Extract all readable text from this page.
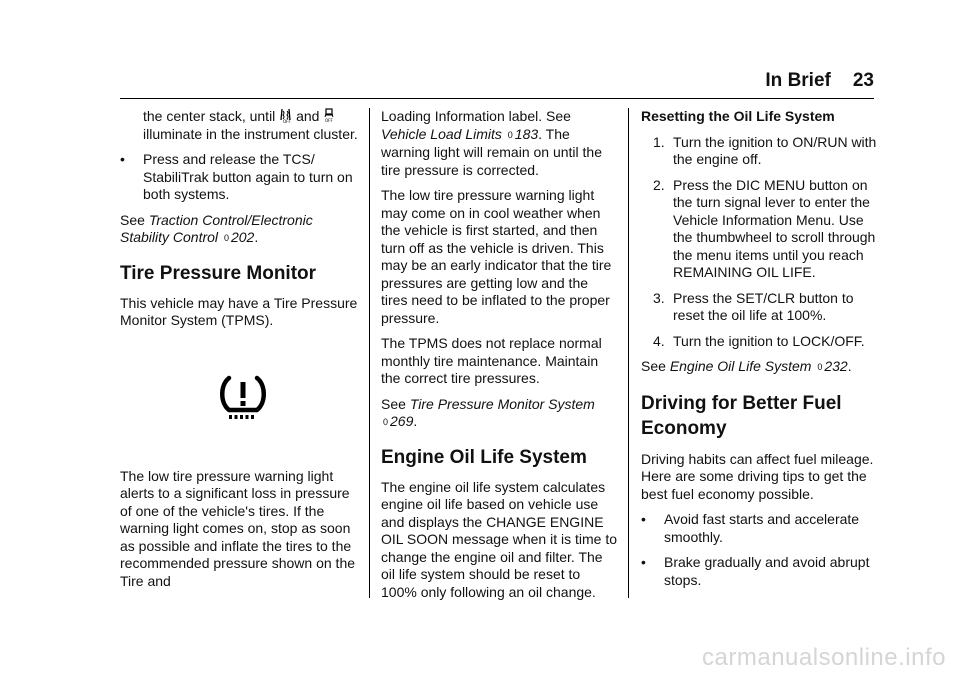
In Brief 23

the center stack, until OFF and OFF
illuminate in the instrument cluster.

• Press and release the TCS/ StabiliTrak button again to turn on both systems.

See Traction Control/Electronic Stability Control 0 202.

Tire Pressure Monitor

This vehicle may have a Tire Pressure Monitor System (TPMS).

The low tire pressure warning light alerts to a significant loss in pressure of one of the vehicle's tires. If the warning light comes on, stop as soon as possible and inflate the tires to the recommended pressure shown on the Tire and

Loading Information label. See Vehicle Load Limits 0 183. The warning light will remain on until the tire pressure is corrected.

The low tire pressure warning light may come on in cool weather when the vehicle is first started, and then turn off as the vehicle is driven. This may be an early indicator that the tire pressures are getting low and the tires need to be inflated to the proper pressure.

The TPMS does not replace normal monthly tire maintenance. Maintain the correct tire pressures.

See Tire Pressure Monitor System
0 269.

Engine Oil Life System

The engine oil life system calculates engine oil life based on vehicle use and displays the CHANGE ENGINE OIL SOON message when it is time to change the engine oil and filter. The oil life system should be reset to 100% only following an oil change.

Resetting the Oil Life System

1. Turn the ignition to ON/RUN with the engine off.
2. Press the DIC MENU button on the turn signal lever to enter the Vehicle Information Menu. Use the thumbwheel to scroll through the menu items until you reach REMAINING OIL LIFE.
3. Press the SET/CLR button to reset the oil life at 100%.
4. Turn the ignition to LOCK/OFF.

See Engine Oil Life System 0 232.

Driving for Better Fuel
Economy

Driving habits can affect fuel mileage. Here are some driving tips to get the best fuel economy possible.

• Avoid fast starts and accelerate smoothly.
• Brake gradually and avoid abrupt stops.
carmanualsonline.info
